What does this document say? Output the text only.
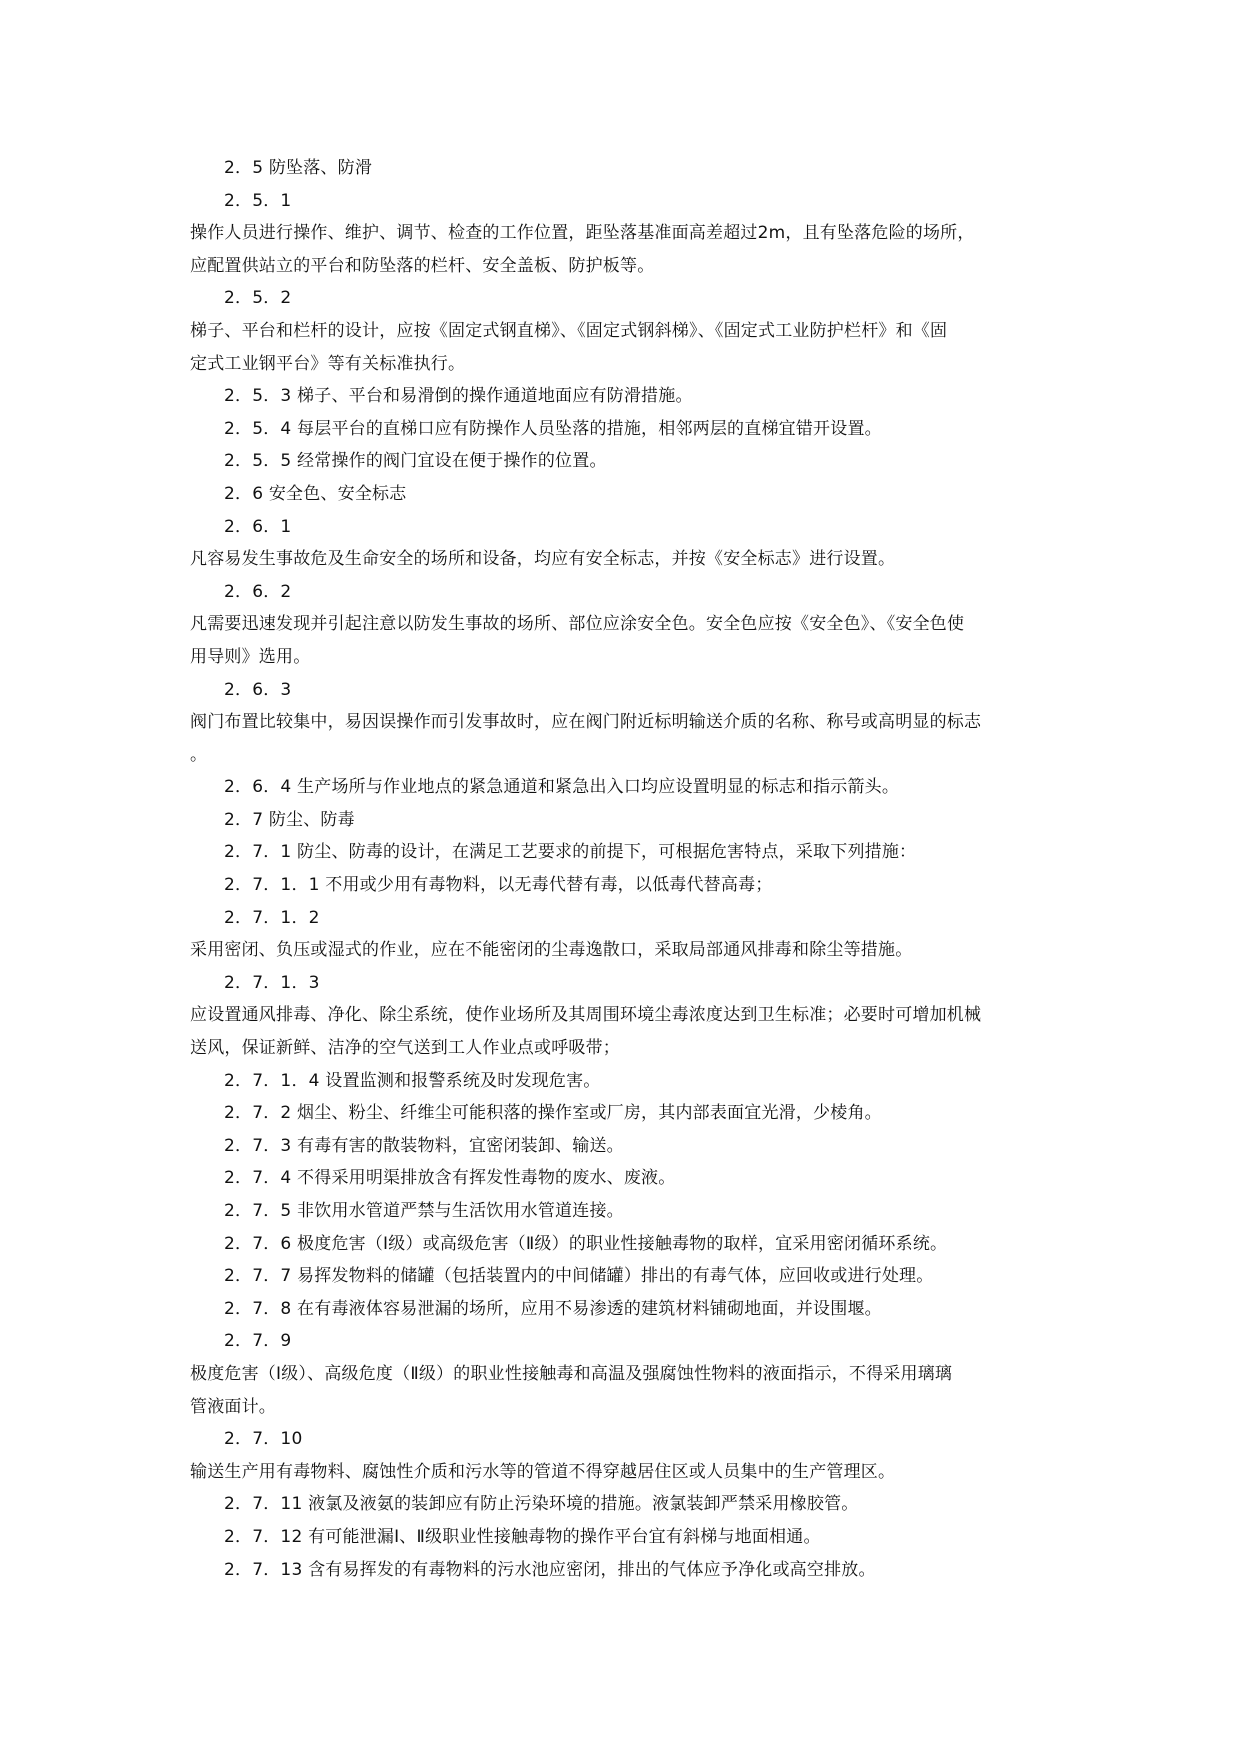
2．5 防坠落、防滑
2．5．1
操作人员进行操作、维护、调节、检查的工作位置，距坠落基准面高差超过2m，且有坠落危险的场所，
应配置供站立的平台和防坠落的栏杆、安全盖板、防护板等。
2．5．2
梯子、平台和栏杆的设计，应按《固定式钢直梯》、《固定式钢斜梯》、《固定式工业防护栏杆》和《固
定式工业钢平台》等有关标准执行。
2．5．3 梯子、平台和易滑倒的操作通道地面应有防滑措施。
2．5．4 每层平台的直梯口应有防操作人员坠落的措施，相邻两层的直梯宜错开设置。
2．5．5 经常操作的阀门宜设在便于操作的位置。
2．6 安全色、安全标志
2．6．1
凡容易发生事故危及生命安全的场所和设备，均应有安全标志，并按《安全标志》进行设置。
2．6．2
凡需要迅速发现并引起注意以防发生事故的场所、部位应涂安全色。安全色应按《安全色》、《安全色使
用导则》选用。
2．6．3
阀门布置比较集中，易因误操作而引发事故时，应在阀门附近标明输送介质的名称、称号或高明显的标志
。
2．6．4 生产场所与作业地点的紧急通道和紧急出入口均应设置明显的标志和指示箭头。
2．7 防尘、防毒
2．7．1 防尘、防毒的设计，在满足工艺要求的前提下，可根据危害特点，采取下列措施：
2．7．1．1 不用或少用有毒物料，以无毒代替有毒，以低毒代替高毒；
2．7．1．2
采用密闭、负压或湿式的作业，应在不能密闭的尘毒逸散口，采取局部通风排毒和除尘等措施。
2．7．1．3
应设置通风排毒、净化、除尘系统，使作业场所及其周围环境尘毒浓度达到卫生标准；必要时可增加机械
送风，保证新鲜、洁净的空气送到工人作业点或呼吸带；
2．7．1．4 设置监测和报警系统及时发现危害。
2．7．2 烟尘、粉尘、纤维尘可能积落的操作室或厂房，其内部表面宜光滑，少棱角。
2．7．3 有毒有害的散装物料，宜密闭装卸、输送。
2．7．4 不得采用明渠排放含有挥发性毒物的废水、废液。
2．7．5 非饮用水管道严禁与生活饮用水管道连接。
2．7．6 极度危害（Ⅰ级）或高级危害（Ⅱ级）的职业性接触毒物的取样，宜采用密闭循环系统。
2．7．7 易挥发物料的储罐（包括装置内的中间储罐）排出的有毒气体，应回收或进行处理。
2．7．8 在有毒液体容易泄漏的场所，应用不易渗透的建筑材料铺砌地面，并设围堰。
2．7．9
极度危害（Ⅰ级）、高级危度（Ⅱ级）的职业性接触毒和高温及强腐蚀性物料的液面指示，不得采用璃璃
管液面计。
2．7．10
输送生产用有毒物料、腐蚀性介质和污水等的管道不得穿越居住区或人员集中的生产管理区。
2．7．11 液氯及液氨的装卸应有防止污染环境的措施。液氯装卸严禁采用橡胶管。
2．7．12 有可能泄漏Ⅰ、Ⅱ级职业性接触毒物的操作平台宜有斜梯与地面相通。
2．7．13 含有易挥发的有毒物料的污水池应密闭，排出的气体应予净化或高空排放。
